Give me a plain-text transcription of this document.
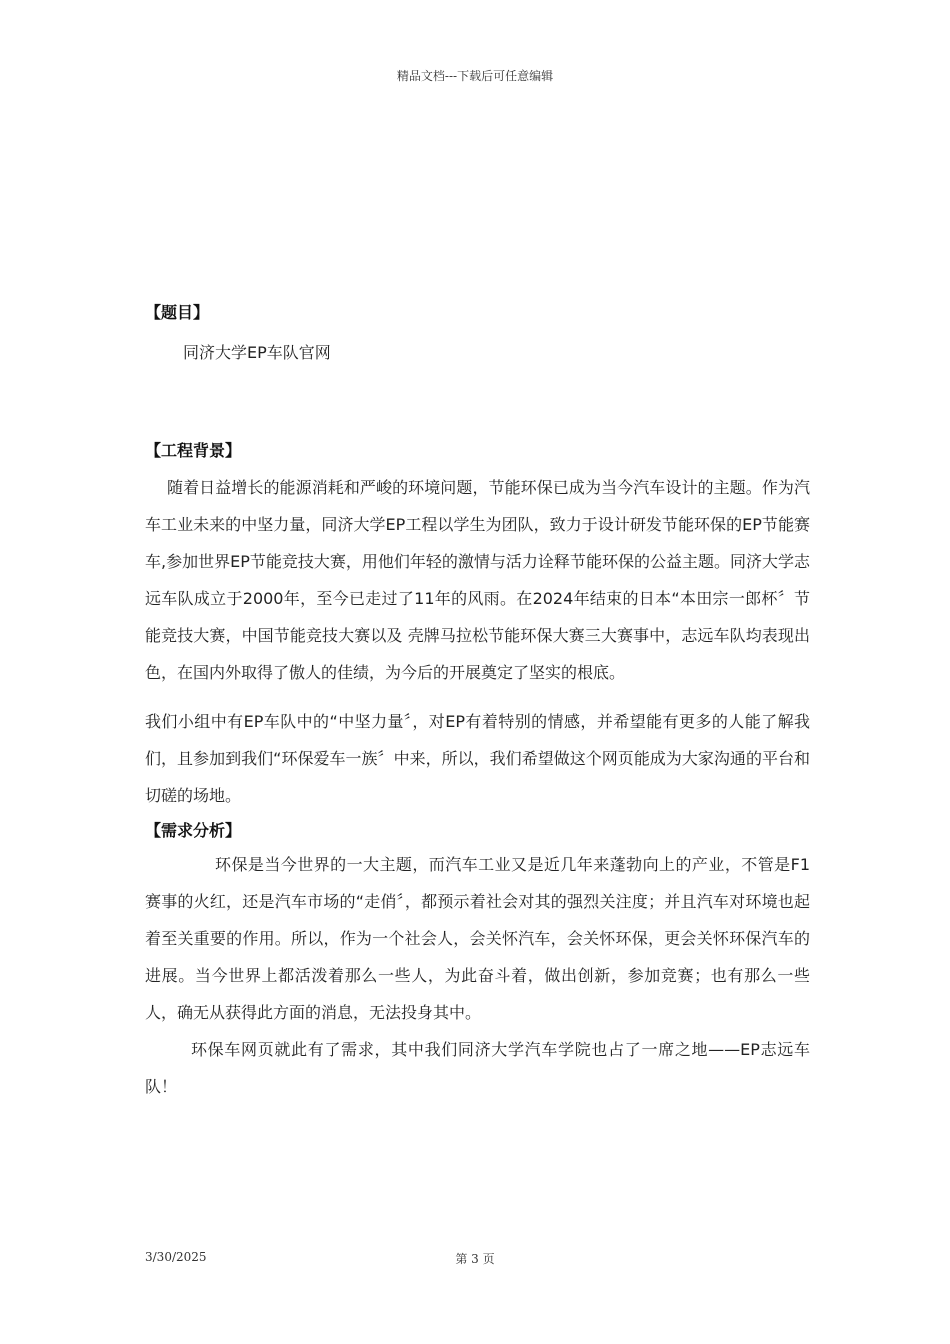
精品文档---下载后可任意编辑

【题目】

同济大学EP车队官网

【工程背景】

随着日益增长的能源消耗和严峻的环境问题，节能环保已成为当今汽车设计的主题。作为汽车工业未来的中坚力量，同济大学EP工程以学生为团队，致力于设计研发节能环保的EP节能赛车,参加世界EP节能竞技大赛，用他们年轻的激情与活力诠释节能环保的公益主题。同济大学志远车队成立于2000年，至今已走过了11年的风雨。在2024年结束的日本“本田宗一郎杯〞节能竞技大赛，中国节能竞技大赛以及 壳牌马拉松节能环保大赛三大赛事中，志远车队均表现出色，在国内外取得了傲人的佳绩，为今后的开展奠定了坚实的根底。

我们小组中有EP车队中的“中坚力量〞，对EP有着特别的情感，并希望能有更多的人能了解我们，且参加到我们“环保爱车一族〞中来，所以，我们希望做这个网页能成为大家沟通的平台和切磋的场地。

【需求分析】

环保是当今世界的一大主题，而汽车工业又是近几年来蓬勃向上的产业，不管是F1赛事的火红，还是汽车市场的“走俏〞，都预示着社会对其的强烈关注度；并且汽车对环境也起着至关重要的作用。所以，作为一个社会人，会关怀汽车，会关怀环保，更会关怀环保汽车的进展。当今世界上都活泼着那么一些人，为此奋斗着，做出创新，参加竞赛；也有那么一些人，确无从获得此方面的消息，无法投身其中。

环保车网页就此有了需求，其中我们同济大学汽车学院也占了一席之地——EP志远车队！

3/30/2025	第 3 页
